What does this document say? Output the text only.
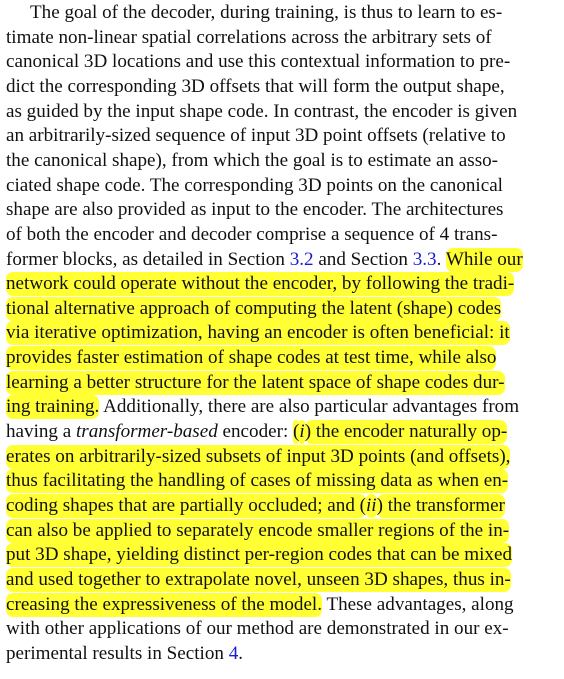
The goal of the decoder, during training, is thus to learn to es-
timate non-linear spatial correlations across the arbitrary sets of
canonical 3D locations and use this contextual information to pre-
dict the corresponding 3D offsets that will form the output shape,
as guided by the input shape code. In contrast, the encoder is given
an arbitrarily-sized sequence of input 3D point offsets (relative to
the canonical shape), from which the goal is to estimate an asso-
ciated shape code. The corresponding 3D points on the canonical
shape are also provided as input to the encoder. The architectures
of both the encoder and decoder comprise a sequence of 4 trans-
former blocks, as detailed in Section 3.2 and Section 3.3. While our
network could operate without the encoder, by following the tradi-
tional alternative approach of computing the latent (shape) codes
via iterative optimization, having an encoder is often beneficial: it
provides faster estimation of shape codes at test time, while also
learning a better structure for the latent space of shape codes dur-
ing training. Additionally, there are also particular advantages from
having a transformer-based encoder: (i) the encoder naturally op-
erates on arbitrarily-sized subsets of input 3D points (and offsets),
thus facilitating the handling of cases of missing data as when en-
coding shapes that are partially occluded; and (ii) the transformer
can also be applied to separately encode smaller regions of the in-
put 3D shape, yielding distinct per-region codes that can be mixed
and used together to extrapolate novel, unseen 3D shapes, thus in-
creasing the expressiveness of the model. These advantages, along
with other applications of our method are demonstrated in our ex-
perimental results in Section 4.
